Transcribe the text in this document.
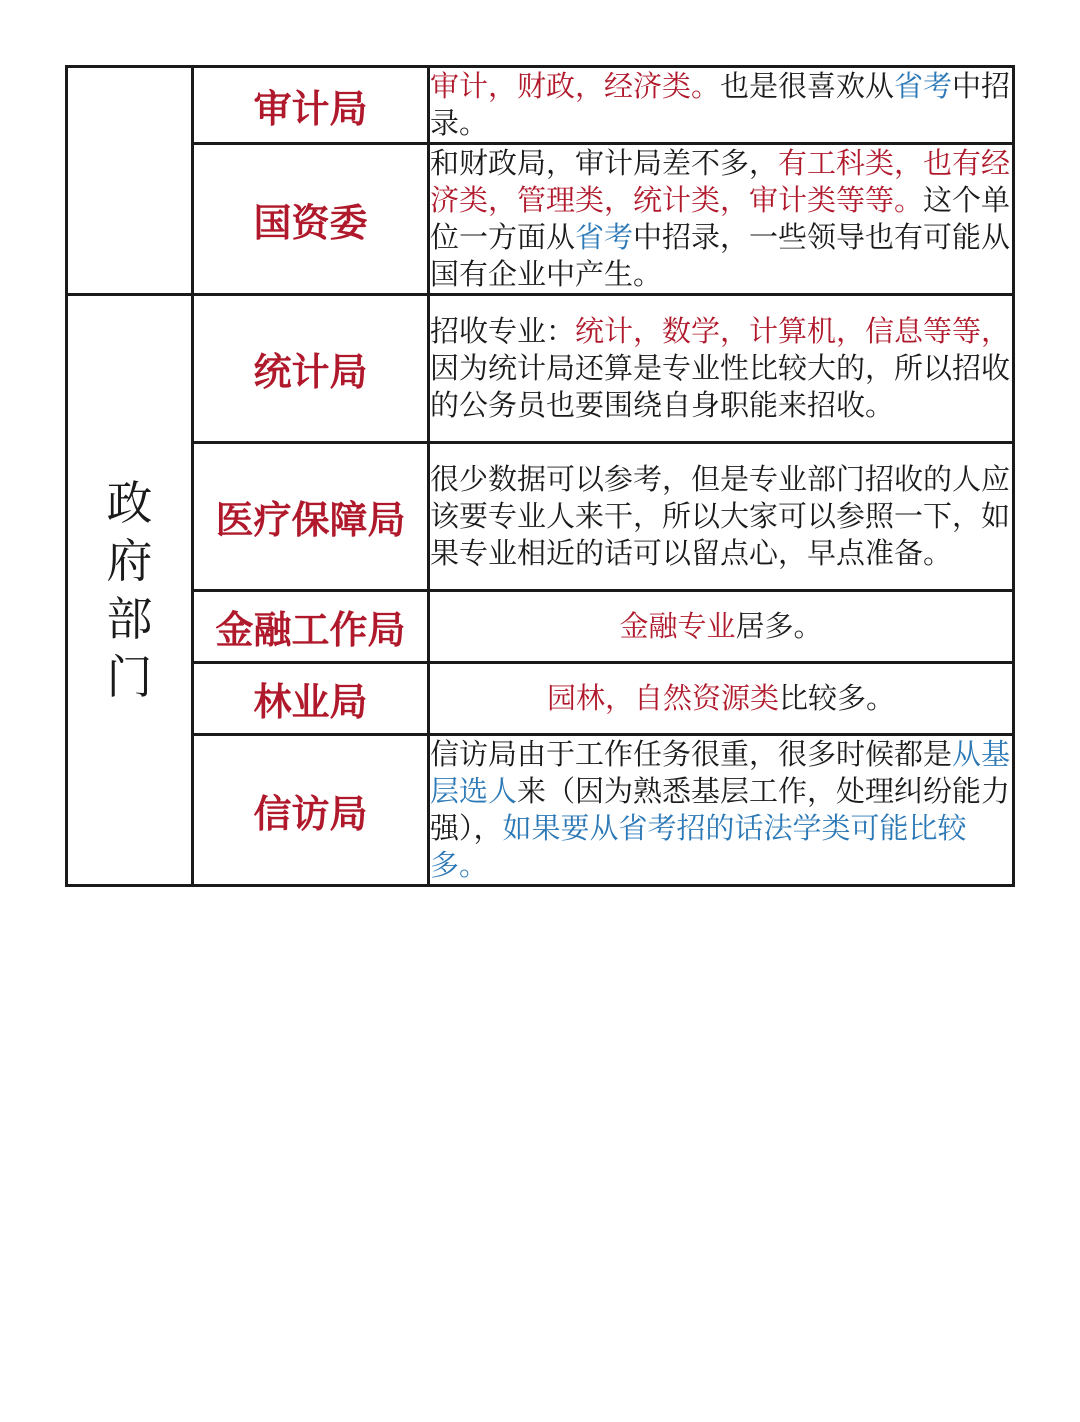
	审计局	审计，财政，经济类。也是很喜欢从省考中招录。
	国资委	和财政局，审计局差不多，有工科类，也有经济类，管理类，统计类，审计类等等。这个单位一方面从省考中招录，一些领导也有可能从国有企业中产生。
政府部门	统计局	招收专业：统计，数学，计算机，信息等等，因为统计局还算是专业性比较大的，所以招收的公务员也要围绕自身职能来招收。
	医疗保障局	很少数据可以参考，但是专业部门招收的人应该要专业人来干，所以大家可以参照一下，如果专业相近的话可以留点心，早点准备。
	金融工作局	金融专业居多。
	林业局	园林，自然资源类比较多。
	信访局	信访局由于工作任务很重，很多时候都是从基层选人来（因为熟悉基层工作，处理纠纷能力强），如果要从省考招的话法学类可能比较多。
